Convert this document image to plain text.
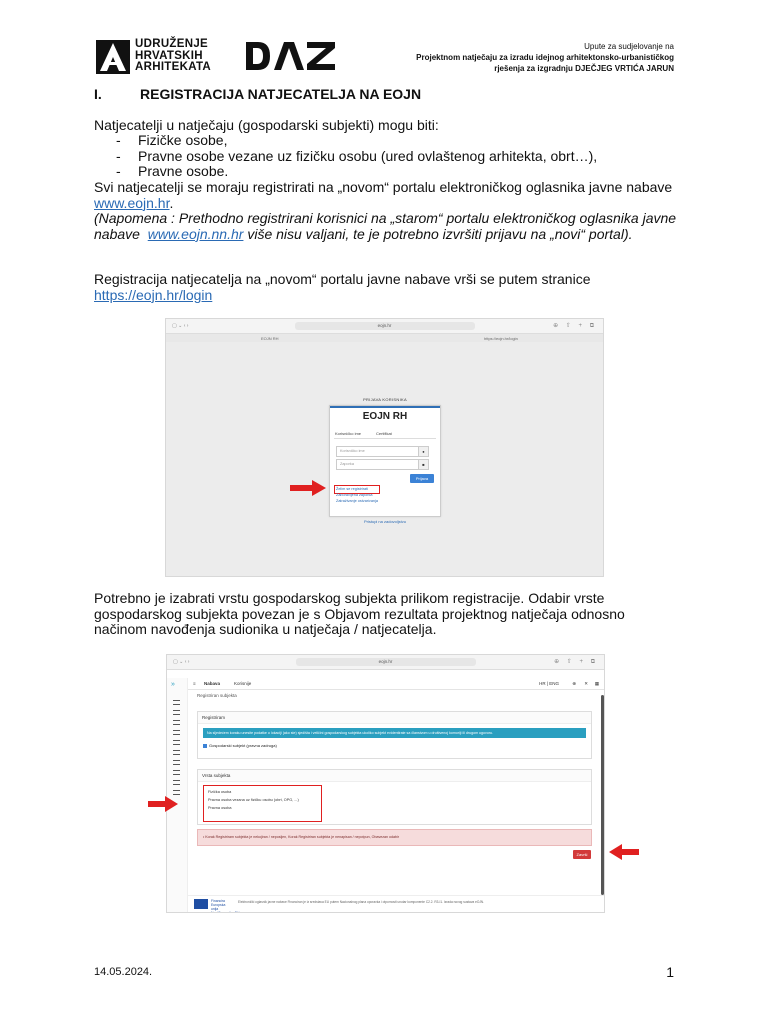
UDRUŽENJE
HRVATSKIH
ARHITEKATA
Upute za sudjelovanje na
Projektnom natječaju za izradu idejnog arhitektonsko-urbanističkog
rješenja za izgradnju DJEČJEG VRTIĆA JARUN
I.	REGISTRACIJA NATJECATELJA NA EOJN
Natjecatelji u natječaju (gospodarski subjekti) mogu biti:
-	Fizičke osobe,
-	Pravne osobe vezane uz fizičku osobu (ured ovlaštenog arhitekta, obrt…),
-	Pravne osobe.
Svi natjecatelji se moraju registrirati na „novom“ portalu elektroničkog oglasnika javne nabave  www.eojn.hr.
(Napomena : Prethodno registrirani korisnici na „starom“ portalu elektroničkog oglasnika javne nabave www.eojn.nn.hr više nisu valjani, te je potrebno izvršiti prijavu na „novi“ portal).
Registracija natjecatelja na „novom“ portalu javne nabave vrši se putem stranice
https://eojn.hr/login
▢ ⌄ ‹ ›	eojn.hr	⊕ ⇧ + ⧉
EOJN RH	https://eojn.hr/login
PRIJAVA KORISNIKA
EOJN RH
Korisničko ime	Certifikat
Korisničko ime	●
Zaporka	■
Prijava
Želim se registrirati
Zaboravljena zaporka
Zatraživanje ostvarivanja
Pristupi na zadovoljstvu
Potrebno je izabrati vrstu gospodarskog subjekta prilikom registracije. Odabir vrste gospodarskog subjekta povezan je s Objavom rezultata projektnog natječaja odnosno načinom navođenja sudionika u natječaja / natjecatelja.
▢ ⌄ ‹ ›	eojn.hr	⊕ ⇧ + ⧉
»	≡ Nabava	Korisnije	HR | ENG	⊕ ✕ ▦
Registriran subjekta
Registriram
Na sljedećem koraku unesite podatke o lokaciji (ako ste) sjedišta i veličini gospodarskog subjekta ukoliko subjekt evidentirate sa članstvom u društvenoj komoriji ili drugom ugovoru.
Gospodarski subjekt (pravna zadruga)
Vrsta subjekta
Fizička osoba
Pravna osoba vezana uz fizičku osobu (obrt, OPG, ...)
Pravna osoba
• Korak Registriram subjekta je nekojiran / neposljen, Korak Registriran subjekta je nenapisan / nepotpun, Obavezan odabir
Završi
Financira Europska unija NextGenerationEU
Elektronički oglasnik javne nabave Financiran je iz sredstava EU putem Nacionalnog plana oporavka i otpornosti unutar komponente C2.2. R3-I1. Izrada novog sustava eOJN.
14.05.2024.	1
